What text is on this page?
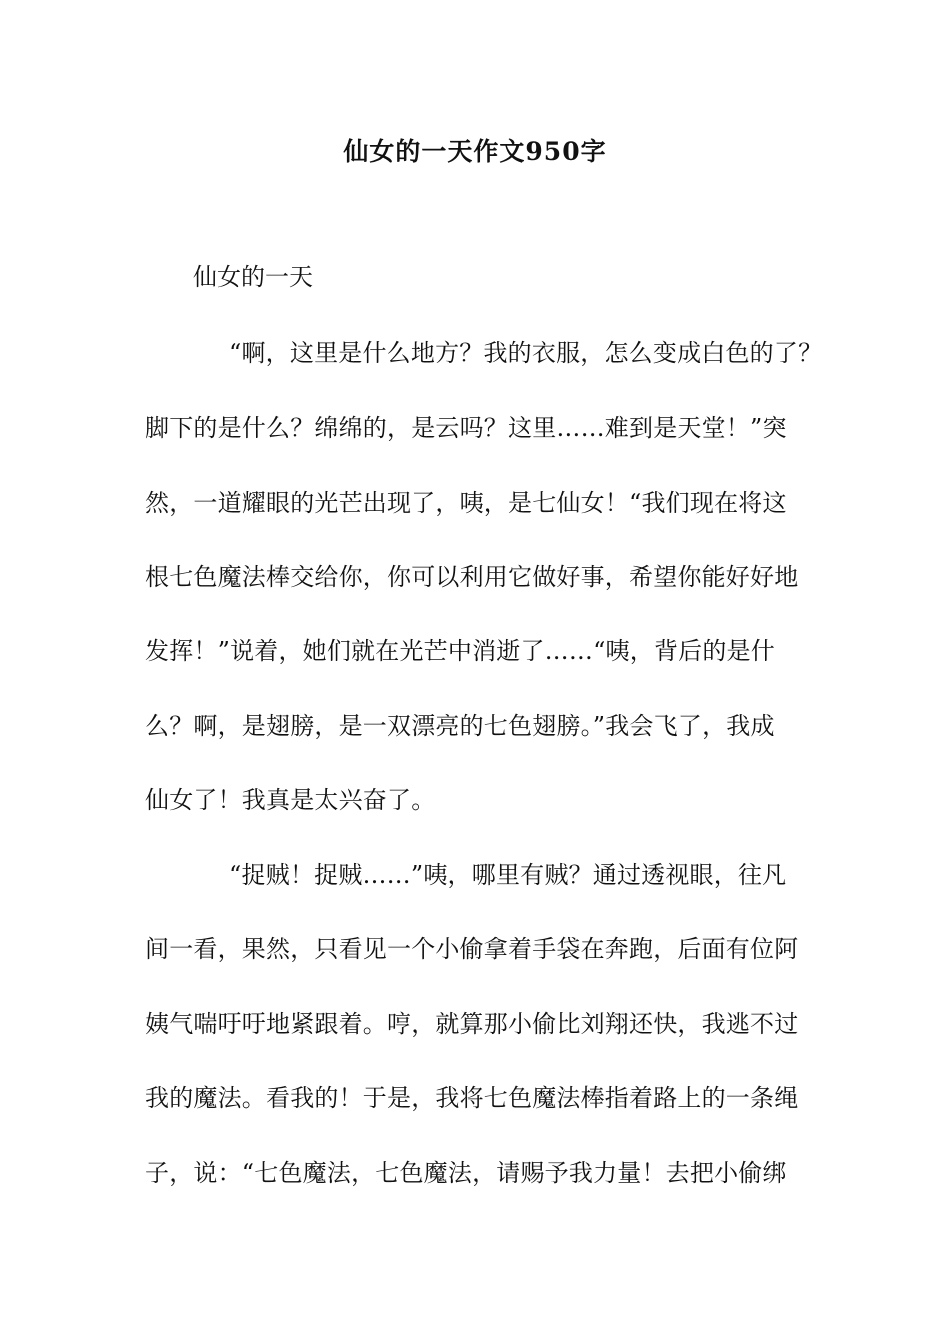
仙女的一天作文950字

仙女的一天

“啊，这里是什么地方？我的衣服，怎么变成白色的了？

脚下的是什么？绵绵的，是云吗？这里……难到是天堂！”突

然，一道耀眼的光芒出现了，咦，是七仙女！“我们现在将这

根七色魔法棒交给你，你可以利用它做好事，希望你能好好地

发挥！”说着，她们就在光芒中消逝了……“咦，背后的是什

么？啊，是翅膀，是一双漂亮的七色翅膀。”我会飞了，我成

仙女了！我真是太兴奋了。

“捉贼！捉贼……”咦，哪里有贼？通过透视眼，往凡

间一看，果然，只看见一个小偷拿着手袋在奔跑，后面有位阿

姨气喘吁吁地紧跟着。哼，就算那小偷比刘翔还快，我逃不过

我的魔法。看我的！于是，我将七色魔法棒指着路上的一条绳

子，说：“七色魔法，七色魔法，请赐予我力量！去把小偷绑
